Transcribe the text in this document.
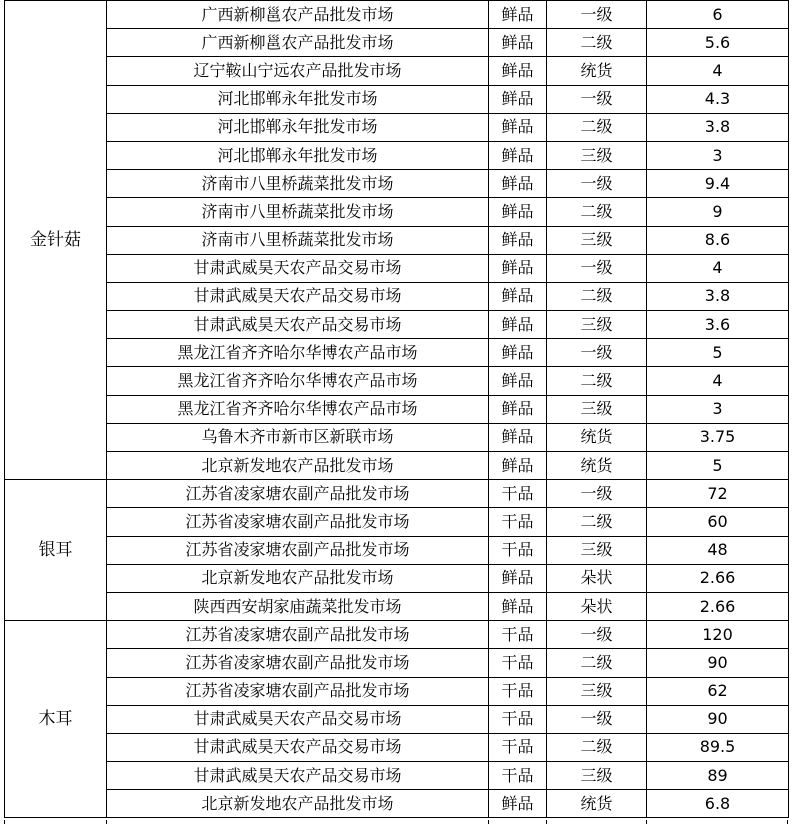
金针菇	广西新柳邕农产品批发市场	鲜品	一级	6
	广西新柳邕农产品批发市场	鲜品	二级	5.6
	辽宁鞍山宁远农产品批发市场	鲜品	统货	4
	河北邯郸永年批发市场	鲜品	一级	4.3
	河北邯郸永年批发市场	鲜品	二级	3.8
	河北邯郸永年批发市场	鲜品	三级	3
	济南市八里桥蔬菜批发市场	鲜品	一级	9.4
	济南市八里桥蔬菜批发市场	鲜品	二级	9
	济南市八里桥蔬菜批发市场	鲜品	三级	8.6
	甘肃武威昊天农产品交易市场	鲜品	一级	4
	甘肃武威昊天农产品交易市场	鲜品	二级	3.8
	甘肃武威昊天农产品交易市场	鲜品	三级	3.6
	黑龙江省齐齐哈尔华博农产品市场	鲜品	一级	5
	黑龙江省齐齐哈尔华博农产品市场	鲜品	二级	4
	黑龙江省齐齐哈尔华博农产品市场	鲜品	三级	3
	乌鲁木齐市新市区新联市场	鲜品	统货	3.75
	北京新发地农产品批发市场	鲜品	统货	5
银耳	江苏省凌家塘农副产品批发市场	干品	一级	72
	江苏省凌家塘农副产品批发市场	干品	二级	60
	江苏省凌家塘农副产品批发市场	干品	三级	48
	北京新发地农产品批发市场	鲜品	朵状	2.66
	陕西西安胡家庙蔬菜批发市场	鲜品	朵状	2.66
木耳	江苏省凌家塘农副产品批发市场	干品	一级	120
	江苏省凌家塘农副产品批发市场	干品	二级	90
	江苏省凌家塘农副产品批发市场	干品	三级	62
	甘肃武威昊天农产品交易市场	干品	一级	90
	甘肃武威昊天农产品交易市场	干品	二级	89.5
	甘肃武威昊天农产品交易市场	干品	三级	89
	北京新发地农产品批发市场	鲜品	统货	6.8
